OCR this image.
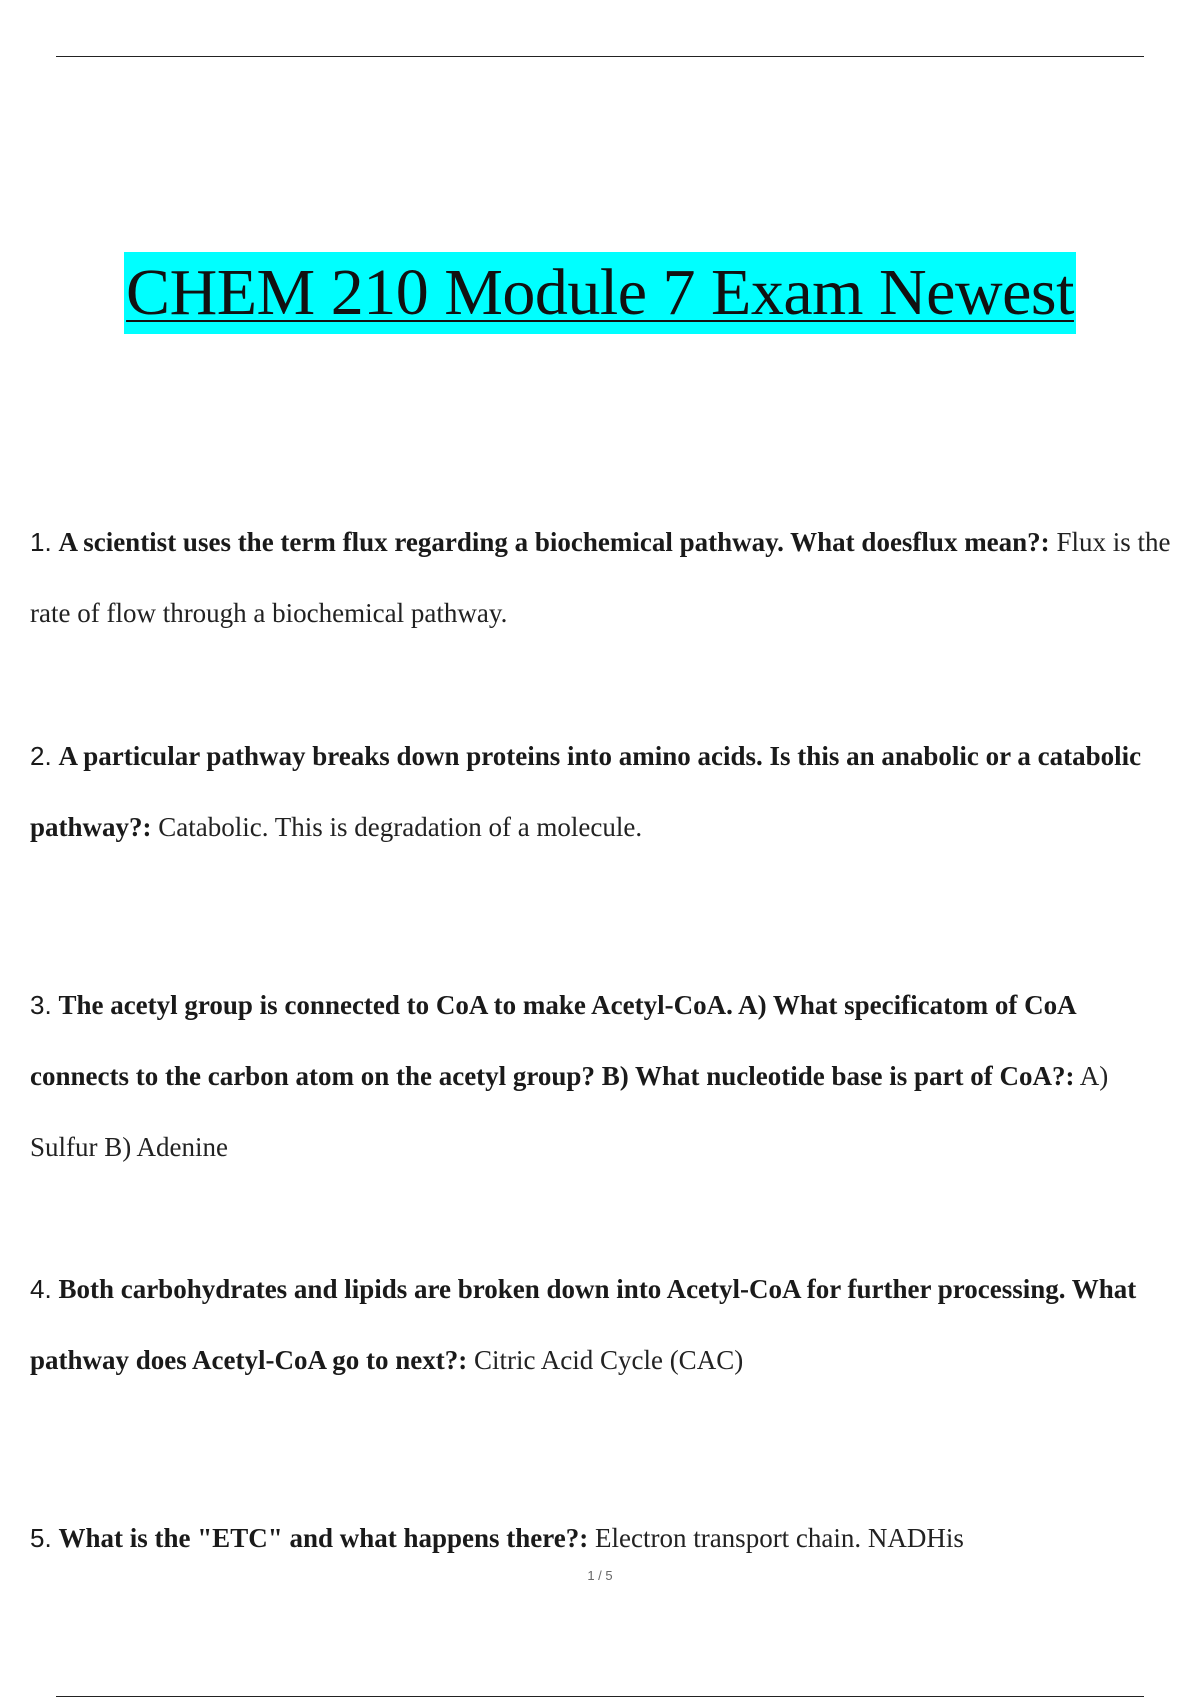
CHEM 210 Module 7 Exam Newest
1. A scientist uses the term flux regarding a biochemical pathway. What doesflux mean?: Flux is the rate of flow through a biochemical pathway.
2. A particular pathway breaks down proteins into amino acids. Is this an anabolic or a catabolic pathway?: Catabolic. This is degradation of a molecule.
3. The acetyl group is connected to CoA to make Acetyl-CoA. A) What specificatom of CoA connects to the carbon atom on the acetyl group? B) What nucleotide base is part of CoA?: A) Sulfur B) Adenine
4. Both carbohydrates and lipids are broken down into Acetyl-CoA for further processing. What pathway does Acetyl-CoA go to next?: Citric Acid Cycle (CAC)
5. What is the "ETC" and what happens there?: Electron transport chain. NADHis
1 / 5
